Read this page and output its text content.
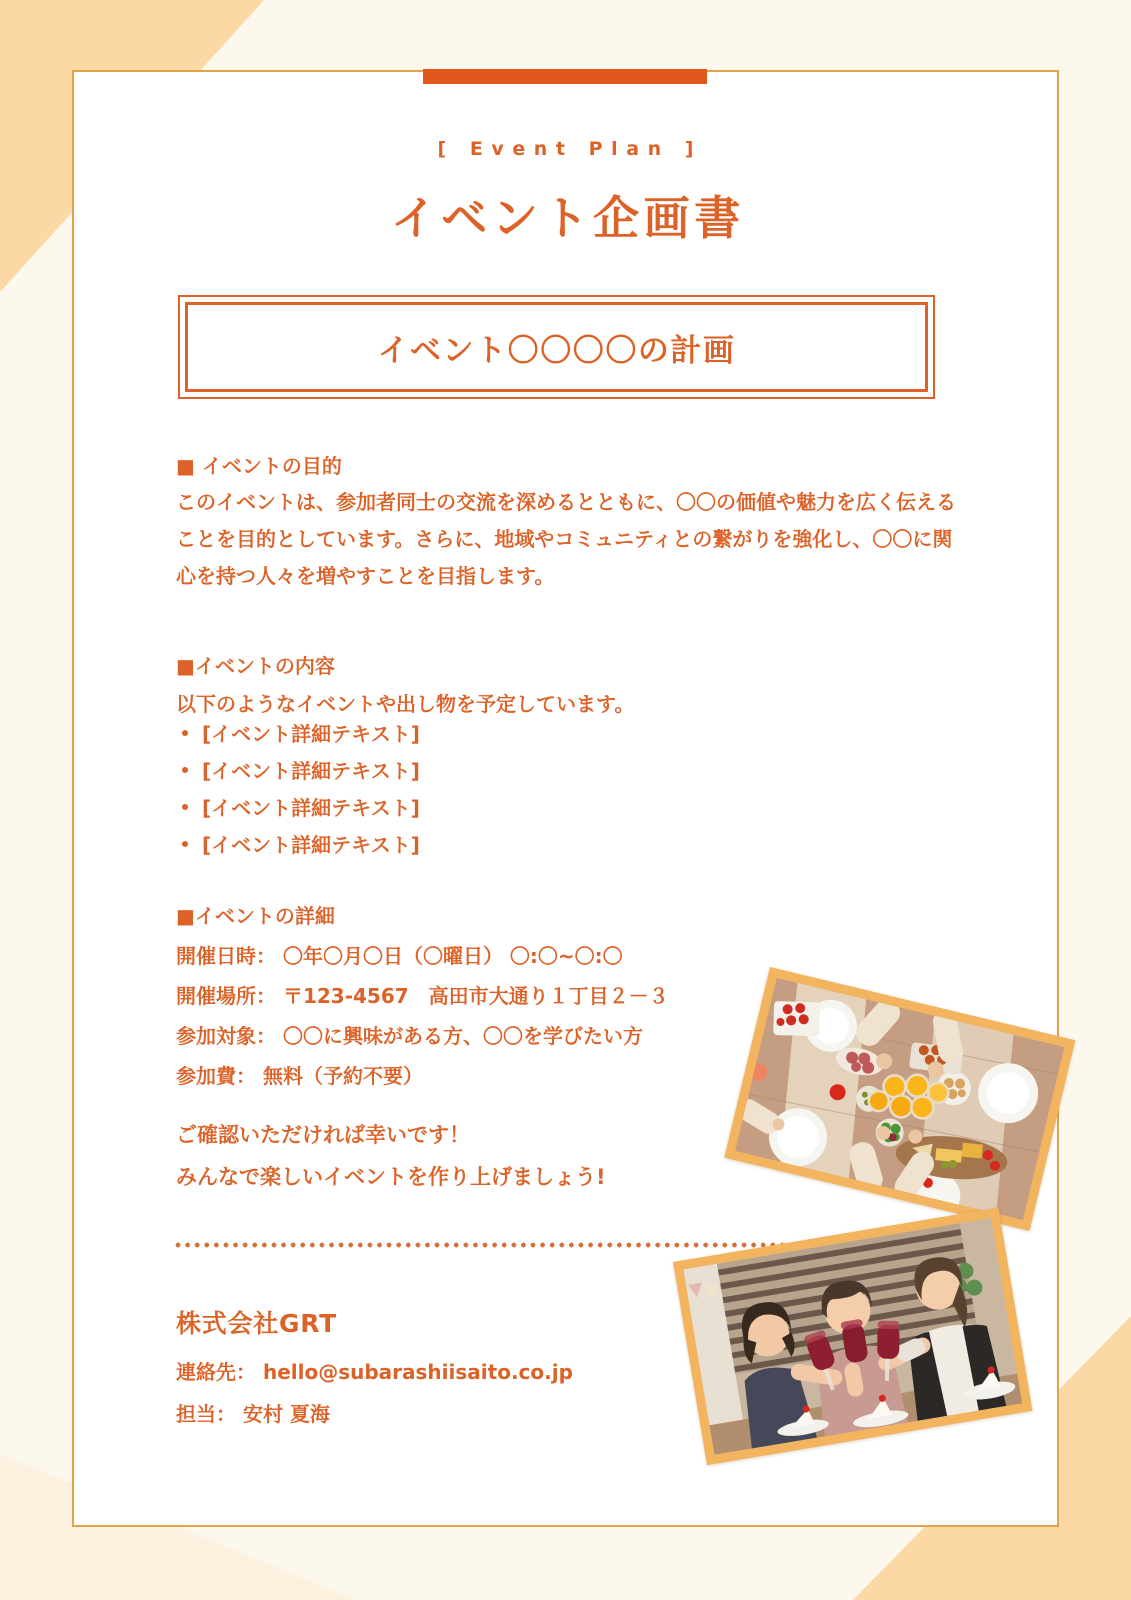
[ Event Plan ]
イベント企画書
イベント〇〇〇〇の計画
■ イベントの目的
このイベントは、参加者同士の交流を深めるとともに、〇〇の価値や魅力を広く伝えることを目的としています。さらに、地域やコミュニティとの繋がりを強化し、〇〇に関心を持つ人々を増やすことを目指します。
■イベントの内容
以下のようなイベントや出し物を予定しています。
[イベント詳細テキスト]
[イベント詳細テキスト]
[イベント詳細テキスト]
[イベント詳細テキスト]
■イベントの詳細
開催日時： 〇年〇月〇日（〇曜日） 〇:〇~〇:〇
開催場所： 〒123-4567　高田市大通り１丁目２－３
参加対象： 〇〇に興味がある方、〇〇を学びたい方
参加費： 無料（予約不要）
ご確認いただければ幸いです！
みんなで楽しいイベントを作り上げましょう!
株式会社GRT
連絡先： hello@subarashiisaito.co.jp
担当： 安村 夏海
